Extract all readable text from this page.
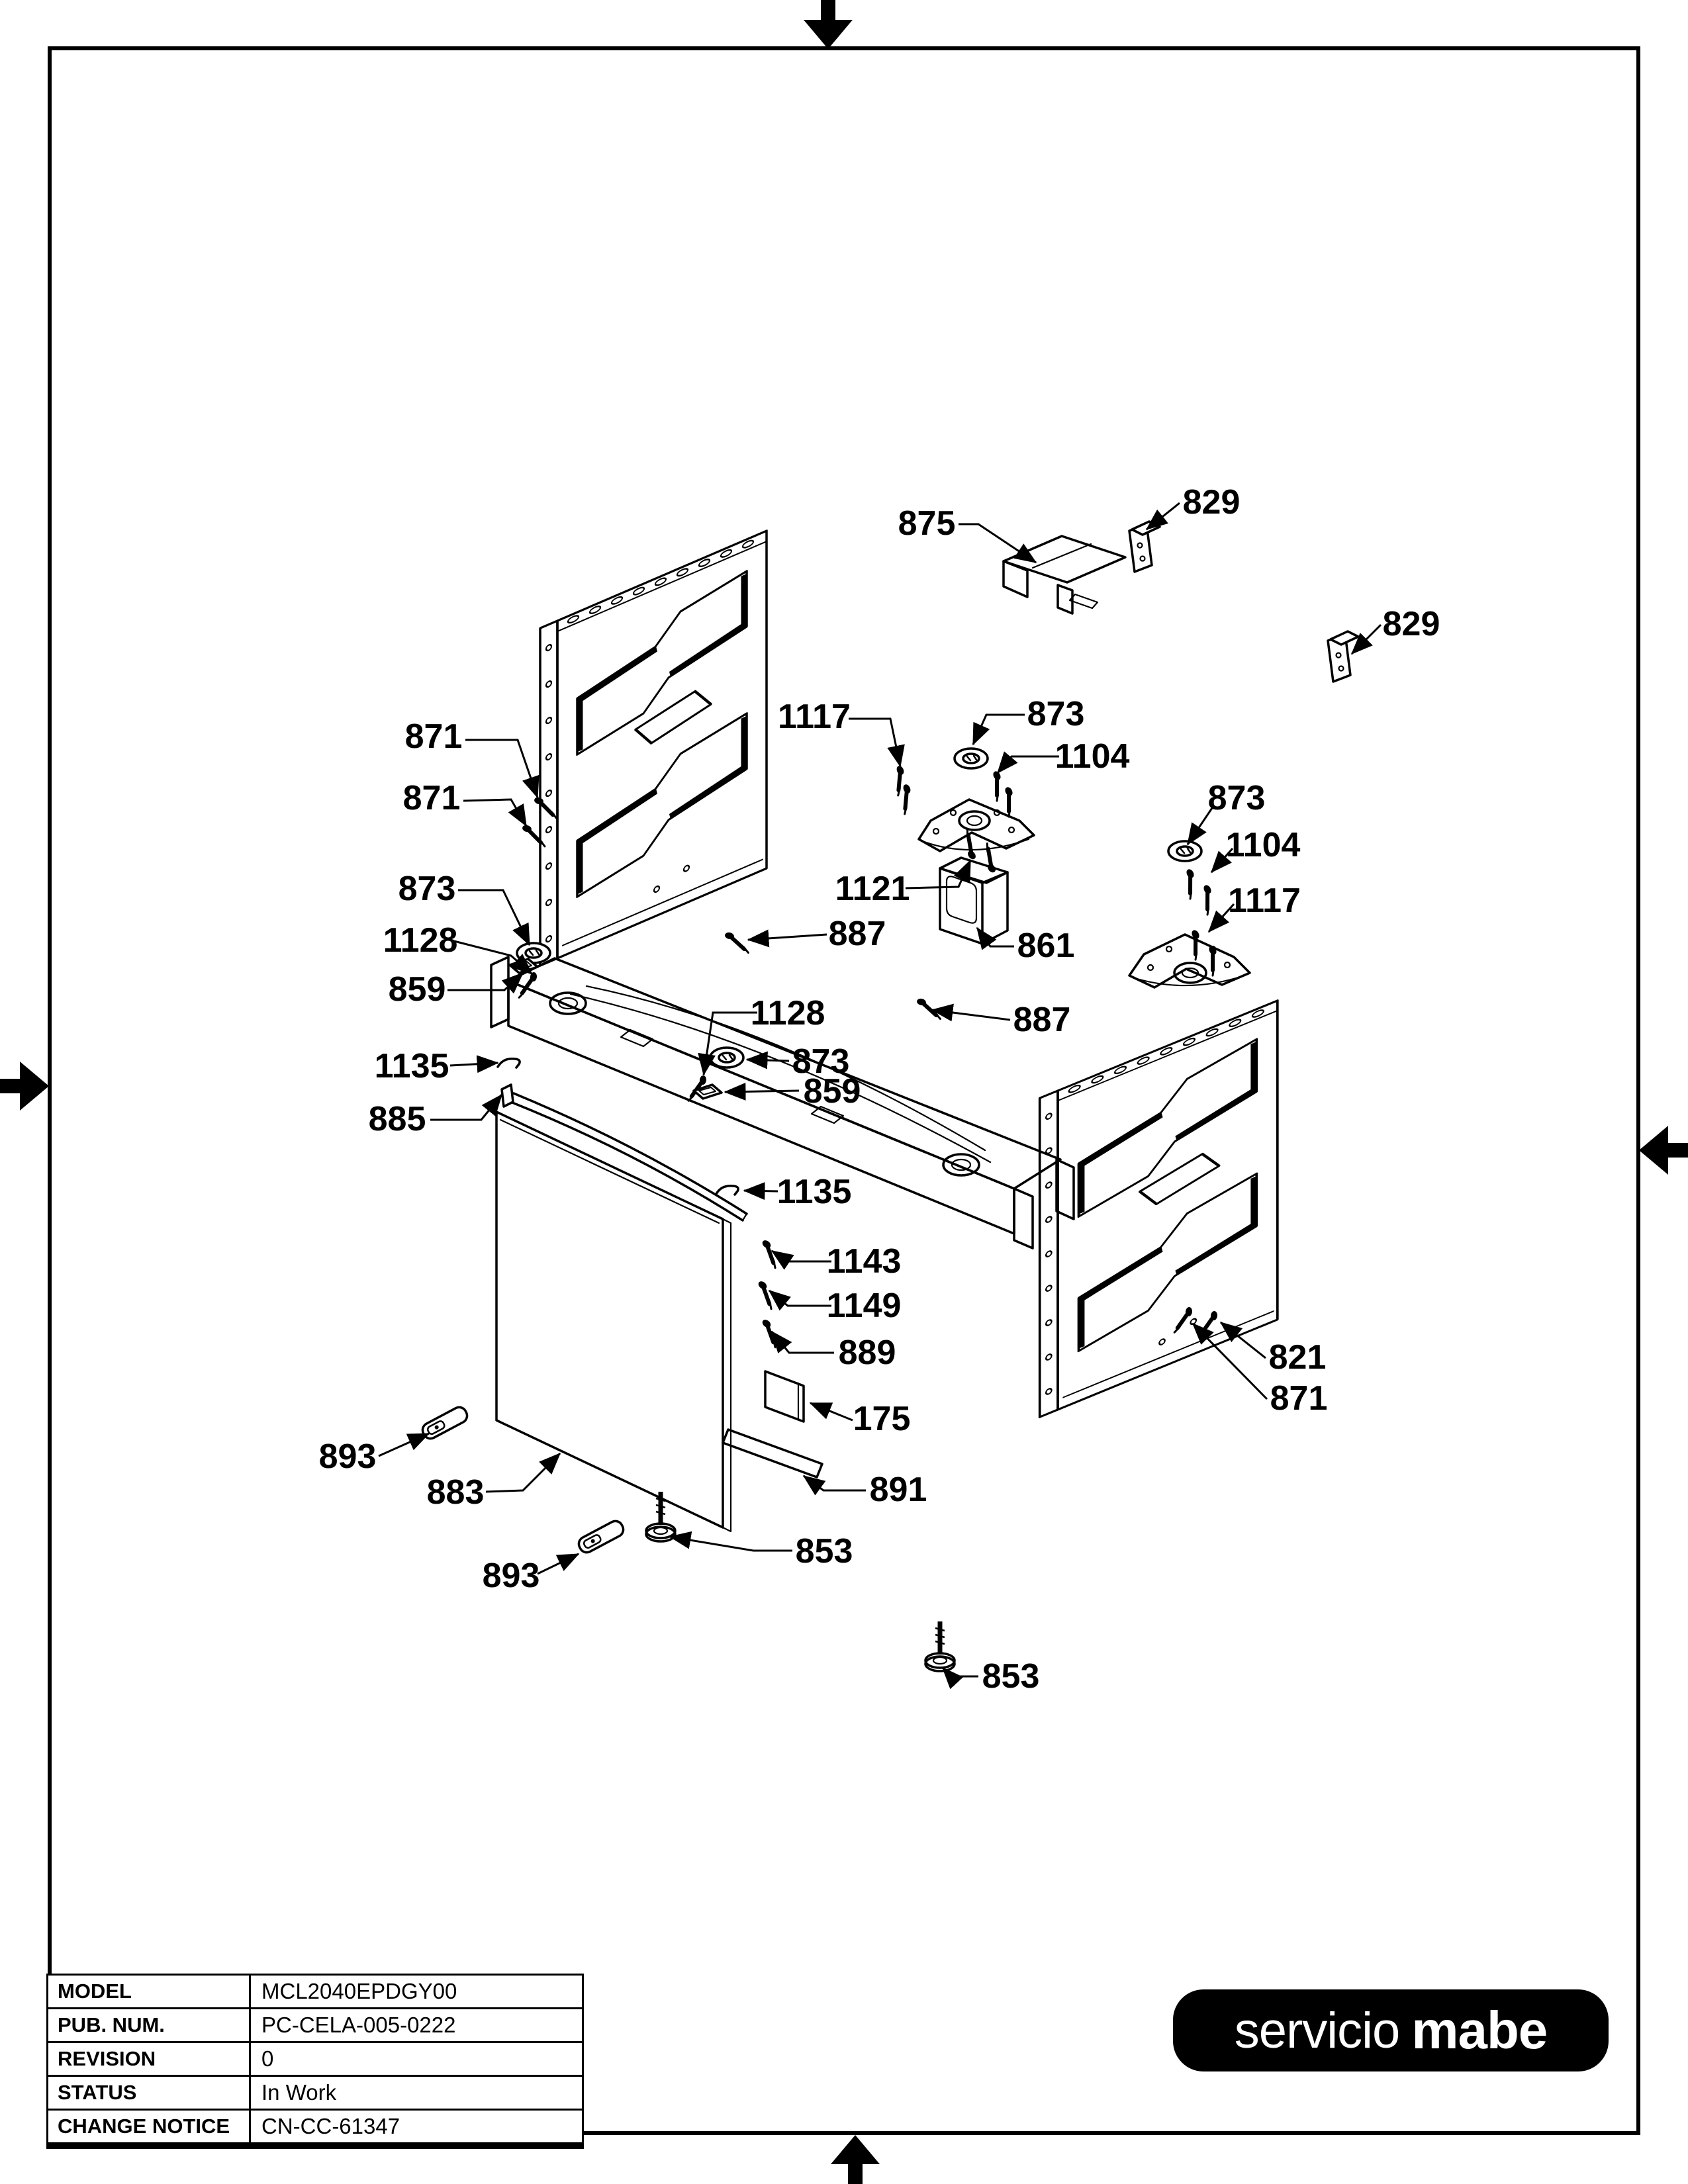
875
829
829
871
871
1117	873
1104
1121
873
1104
1117
873
1128
859
1135
885
1128
873
859
887	861
887
1143
1149
889
175
891
821
871
893
883
893
853
853
1135
MODEL	MCL2040EPDGY00
PUB. NUM.	PC-CELA-005-0222
REVISION	0
STATUS	In Work
CHANGE NOTICE	CN-CC-61347
servicio mabe
